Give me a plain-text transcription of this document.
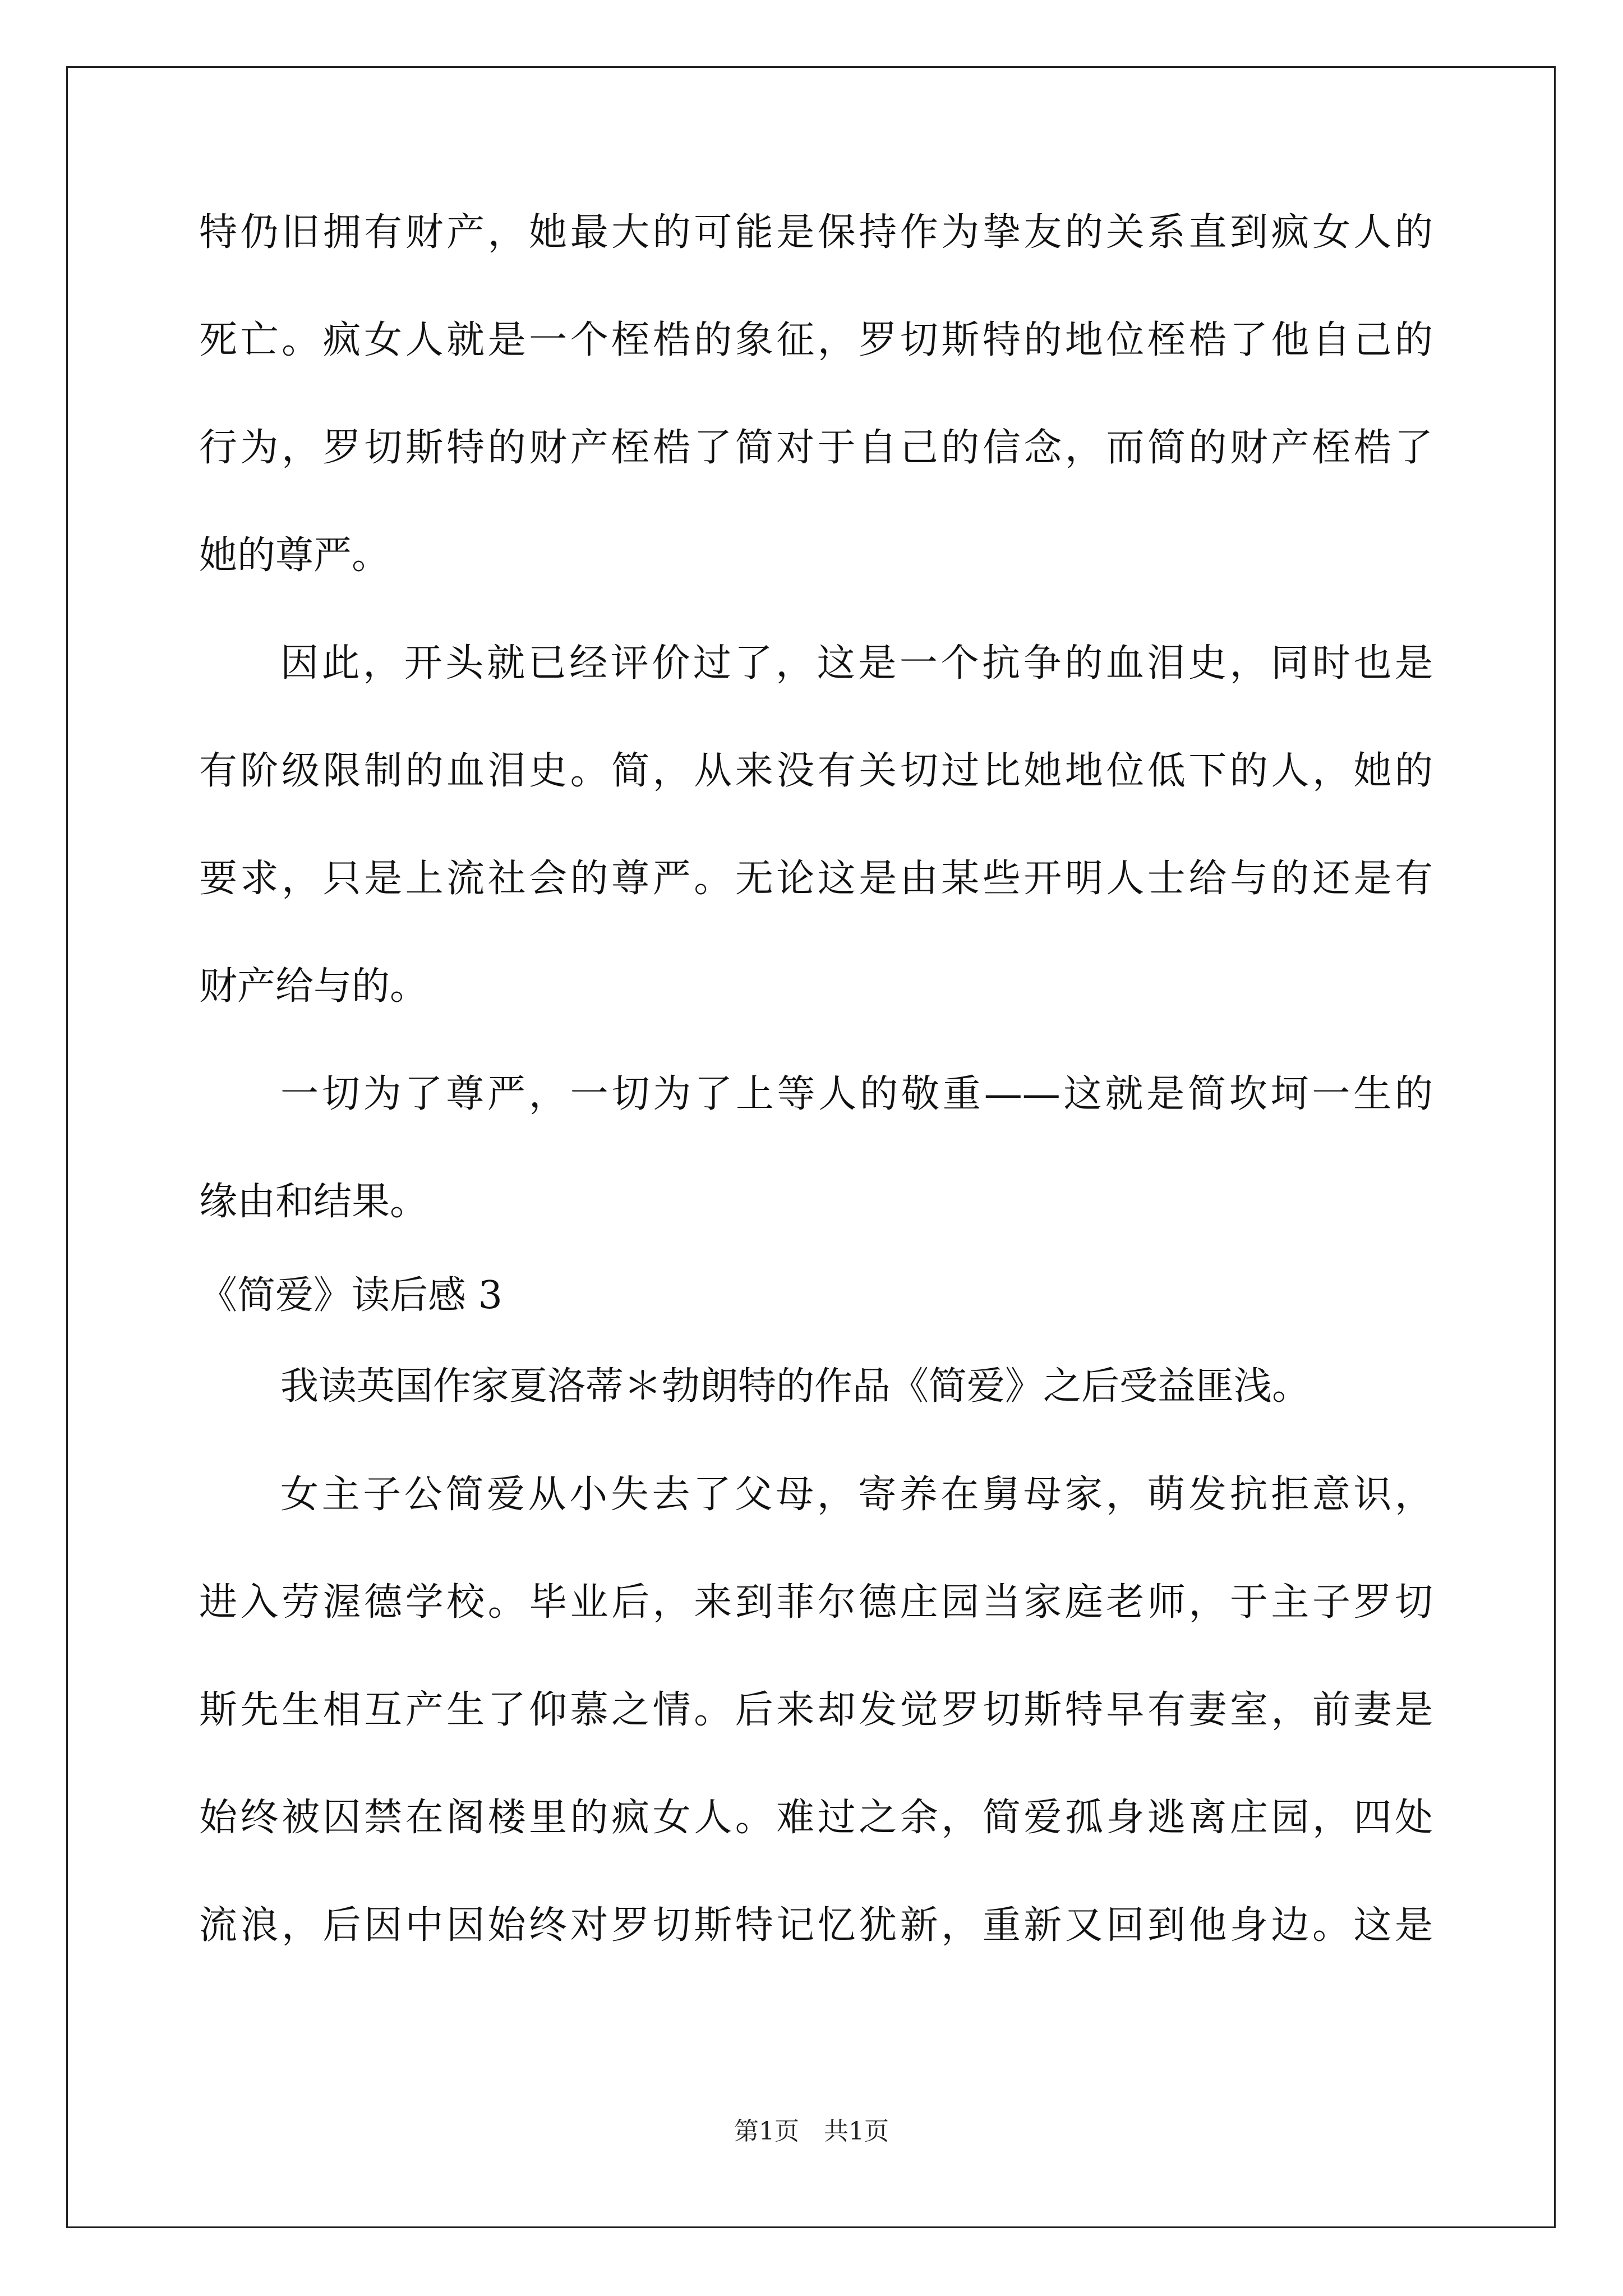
特仍旧拥有财产，她最大的可能是保持作为挚友的关系直到疯女人的
死亡。疯女人就是一个桎梏的象征，罗切斯特的地位桎梏了他自己的
行为，罗切斯特的财产桎梏了简对于自己的信念，而简的财产桎梏了
她的尊严。
因此，开头就已经评价过了，这是一个抗争的血泪史，同时也是
有阶级限制的血泪史。简，从来没有关切过比她地位低下的人，她的
要求，只是上流社会的尊严。无论这是由某些开明人士给与的还是有
财产给与的。
一切为了尊严，一切为了上等人的敬重——这就是简坎坷一生的
缘由和结果。
《简爱》读后感 3
我读英国作家夏洛蒂＊勃朗特的作品《简爱》之后受益匪浅。
女主子公简爱从小失去了父母，寄养在舅母家，萌发抗拒意识，
进入劳渥德学校。毕业后，来到菲尔德庄园当家庭老师，于主子罗切
斯先生相互产生了仰慕之情。后来却发觉罗切斯特早有妻室，前妻是
始终被囚禁在阁楼里的疯女人。难过之余，简爱孤身逃离庄园，四处
流浪，后因中因始终对罗切斯特记忆犹新，重新又回到他身边。这是
第1页　共1页
